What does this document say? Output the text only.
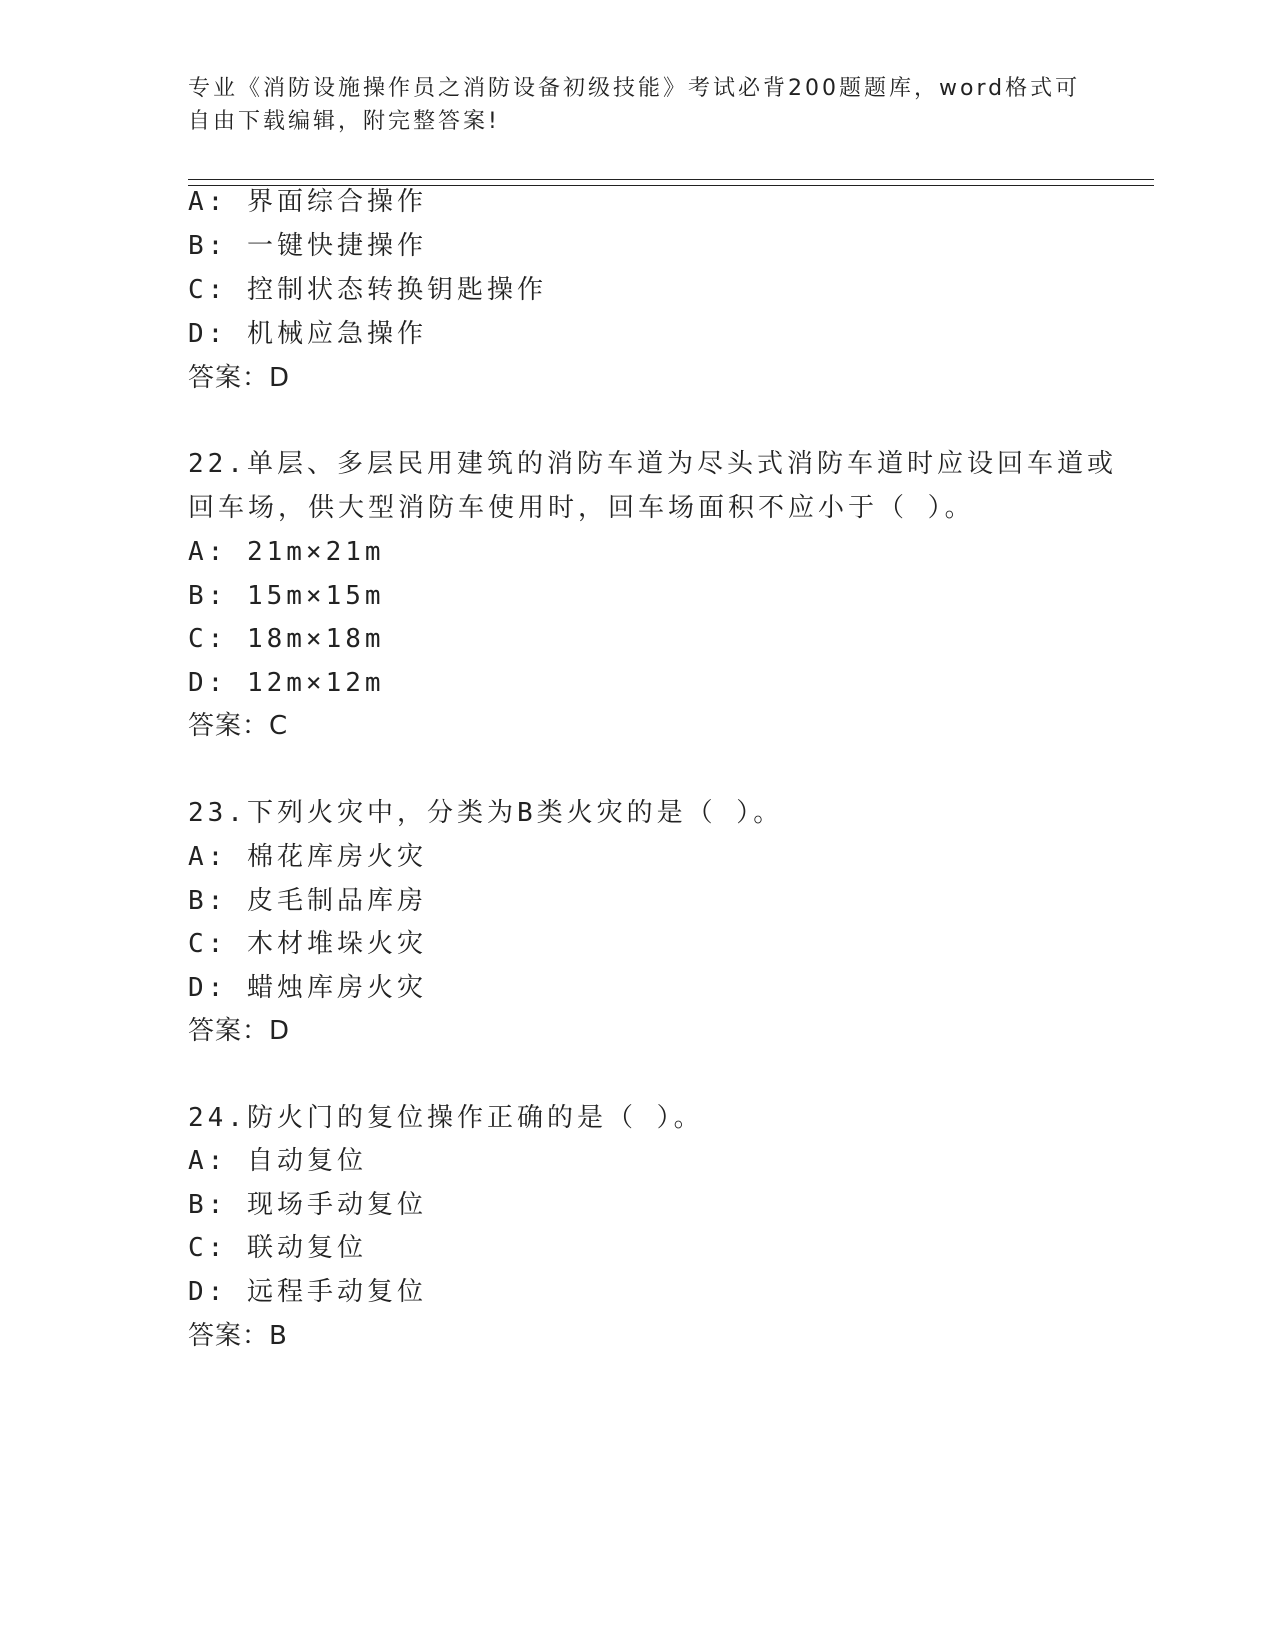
专业《消防设施操作员之消防设备初级技能》考试必背200题题库，word格式可
自由下载编辑，附完整答案!
A: 界面综合操作
B: 一键快捷操作
C: 控制状态转换钥匙操作
D: 机械应急操作
答案：D
22.单层、多层民用建筑的消防车道为尽头式消防车道时应设回车道或
回车场，供大型消防车使用时，回车场面积不应小于（ ）。
A: 21m×21m
B: 15m×15m
C: 18m×18m
D: 12m×12m
答案：C
23.下列火灾中，分类为B类火灾的是（ ）。
A: 棉花库房火灾
B: 皮毛制品库房
C: 木材堆垛火灾
D: 蜡烛库房火灾
答案：D
24.防火门的复位操作正确的是（ ）。
A: 自动复位
B: 现场手动复位
C: 联动复位
D: 远程手动复位
答案：B
